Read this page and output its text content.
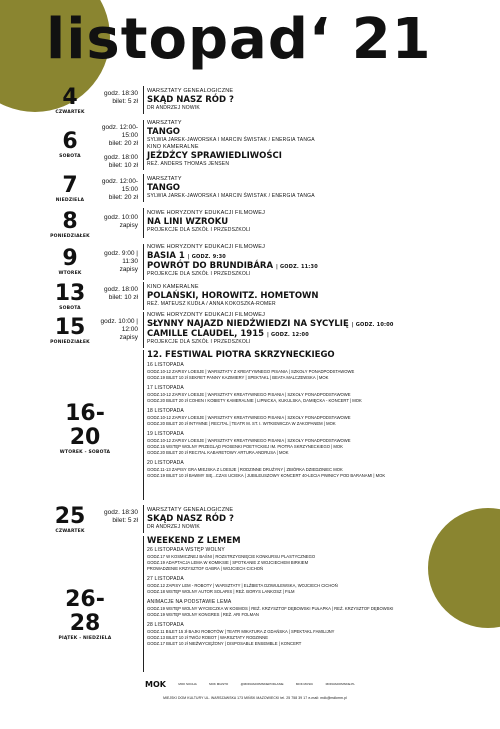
listopad‘ 21
4
CZWARTEK
godz. 18:30
bilet: 5 zł
WARSZTATY GENEALOGICZNE
SKĄD NASZ RÓD ?
DR ANDRZEJ NOWIK
6
SOBOTA
godz. 12:00-15:00
bilet: 20 zł
godz. 18:00
bilet: 10 zł
WARSZTATY
TANGO
SYLWIA JAREK-JAWORSKA I MARCIN ŚWISTAK / ENERGIA TANGA
KINO KAMERALNE
JEŹDŹCY SPRAWIEDLIWOŚCI
REŻ. ANDERS THOMAS JENSEN
7
NIEDZIELA
godz. 12:00-15:00
bilet: 20 zł
WARSZTATY
TANGO
SYLWIA JAREK-JAWORSKA I MARCIN ŚWISTAK / ENERGIA TANGA
8
PONIEDZIAŁEK
godz. 10:00
zapisy
NOWE HORYZONTY EDUKACJI FILMOWEJ
NA LINI WZROKU
PROJEKCJE DLA SZKÓŁ I PRZEDSZKOLI
9
WTOREK
godz. 9:00 | 11:30
zapisy
NOWE HORYZONTY EDUKACJI FILMOWEJ
BASIA 1 | GODZ. 9:30
POWRÓT DO BRUNDIBÁRA | GODZ. 11:30
PROJEKCJE DLA SZKÓŁ I PRZEDSZKOLI
13
SOBOTA
godz. 18:00
bilet: 10 zł
KINO KAMERALNE
POLAŃSKI, HOROWITZ. HOMETOWN
REŻ. MATEUSZ KUDŁA / ANNA KOKOSZKA-ROMER
15
PONIEDZIAŁEK
godz. 10:00 | 12:00
zapisy
NOWE HORYZONTY EDUKACJI FILMOWEJ
SŁYNNY NAJAZD NIEDŹWIEDZI NA SYCYLIĘ | GODZ. 10:00
CAMILLE CLAUDEL, 1915 | GODZ. 12:00
PROJEKCJE DLA SZKÓŁ I PRZEDSZKOLI
16-20
WTOREK - SOBOTA
12. FESTIWAL PIOTRA SKRZYNECKIEGO
16 LISTOPADA
GODZ.10-12 ZAPISY LOESJE | WARSZTATY Z KREATYWNEGO PISANIA | SZKOŁY PONADPODSTAWOWE
GODZ.19 BILET 10 zł SEKRET PANNY KAZIMIERY | SPEKTAKL | BEATA MALCZEWSKA | MOK
17 LISTOPADA
GODZ.10-12 ZAPISY LOESJE | WARSZTATY KREATYWNEGO PISANIA | SZKOŁY PONADPODSTAWOWE
GODZ.20 BILET 20 zł COHEN I KOBIETY KAMERALNIE | LIPNICKA, KUKULSKA, DAMIĘCKA - KONCERT | MOK
18 LISTOPADA
GODZ.10-12 ZAPISY LOESJE | WARSZTATY KREATYWNEGO PISANIA | SZKOŁY PONADPODSTAWOWE
GODZ.20 BILET 20 zł INTYMNE | RECITAL | TEATR M. ST. I. WITKIEWICZA W ZAKOPANEM | MOK
19 LISTOPADA
GODZ.10-12 ZAPISY LOESJE | WARSZTATY KREATYWNEGO PISANIA | SZKOŁY PONADPODSTAWOWE
GODZ.15 WSTĘP WOLNY PRZEGLĄD PIOSENKI POETYCKIEJ IM. PIOTRA SKRZYNECKIEGO | MOK
GODZ.20 BILET 20 zł RECITAL KABARETOWY ARTURA ANDRUSA | MOK
20 LISTOPADA
GODZ.11-13 ZAPISY GRA MIEJSKA Z LOESJE | RODZINNE DRUŻYNY | ZBIÓRKA DZIEDZINIEC MOK
GODZ.19 BILET 10 zł BAWMY SIĘ...CZAS UCIEKA | JUBILEUSZOWY KONCERT 40-LECIA PIWNICY POD BARANAMI | MOK
25
CZWARTEK
godz. 18:30
bilet: 5 zł
WARSZTATY GENEALOGICZNE
SKĄD NASZ RÓD ?
DR ANDRZEJ NOWIK
26-28
PIĄTEK - NIEDZIELA
WEEKEND Z LEMEM
26 LISTOPADA WSTĘP WOLNY
GODZ.17 W KOSMICZNEJ BAŚNI | ROZSTRZYGNIĘCIE KONKURSU PLASTYCZNEGO
GODZ.19 ADAPTACJA LEMA W KOMIKSIE | SPOTKANIE Z WOJCIECHEM BIRKIEM
PROWADZENIE KRZYSZTOF GABRA | WOJCIECH CICHOŃ
27 LISTOPADA
GODZ.12 ZAPISY LEM - ROBOTY | WARSZTATY | ELŻBIETA DZIWULEWSKA, WOJCIECH CICHOŃ
GODZ.18 WSTĘP WOLNY AUTOR SOLARIS | REŻ. BORYS LANKOSZ | FILM
ANIMACJE NA PODSTAWIE LEMA
GODZ.19 WSTĘP WOLNY WYCIECZKA W KOSMOS | REŻ. KRZYSZTOF DĘBOWSKI PUŁAPKA | REŻ. KRZYSZTOF DĘBOWSKI
GODZ.19 WSTĘP WOLNY KONGRES | REŻ. ARI FOLMAN
28 LISTOPADA
GODZ.11 BILET 15 zł BAJKI ROBOTÓW | TEATR MIKATURA Z GDAŃSKA | SPEKTAKL FAMILIJNY
GODZ.13 BILET 10 zł TWÓJ ROBOT | WARSZTATY RODZINNE
GODZ.17 BILET 10 zł NIEŻWYCIĘŻONY | DISPOSABLE ENSEMBLE | KONCERT
MOK	MOK SOCHA	MOK MIASTO	@MOKRADOMSKIEPODLASIE	MOK MUSIC	MOKRADOMSKIE.PL
MIEJSKI DOM KULTURY UL. WARSZAWSKA 173 MIŃSK MAZOWIECKI tel. 25 758 39 17 e-mail: mdk@mdkmm.pl
